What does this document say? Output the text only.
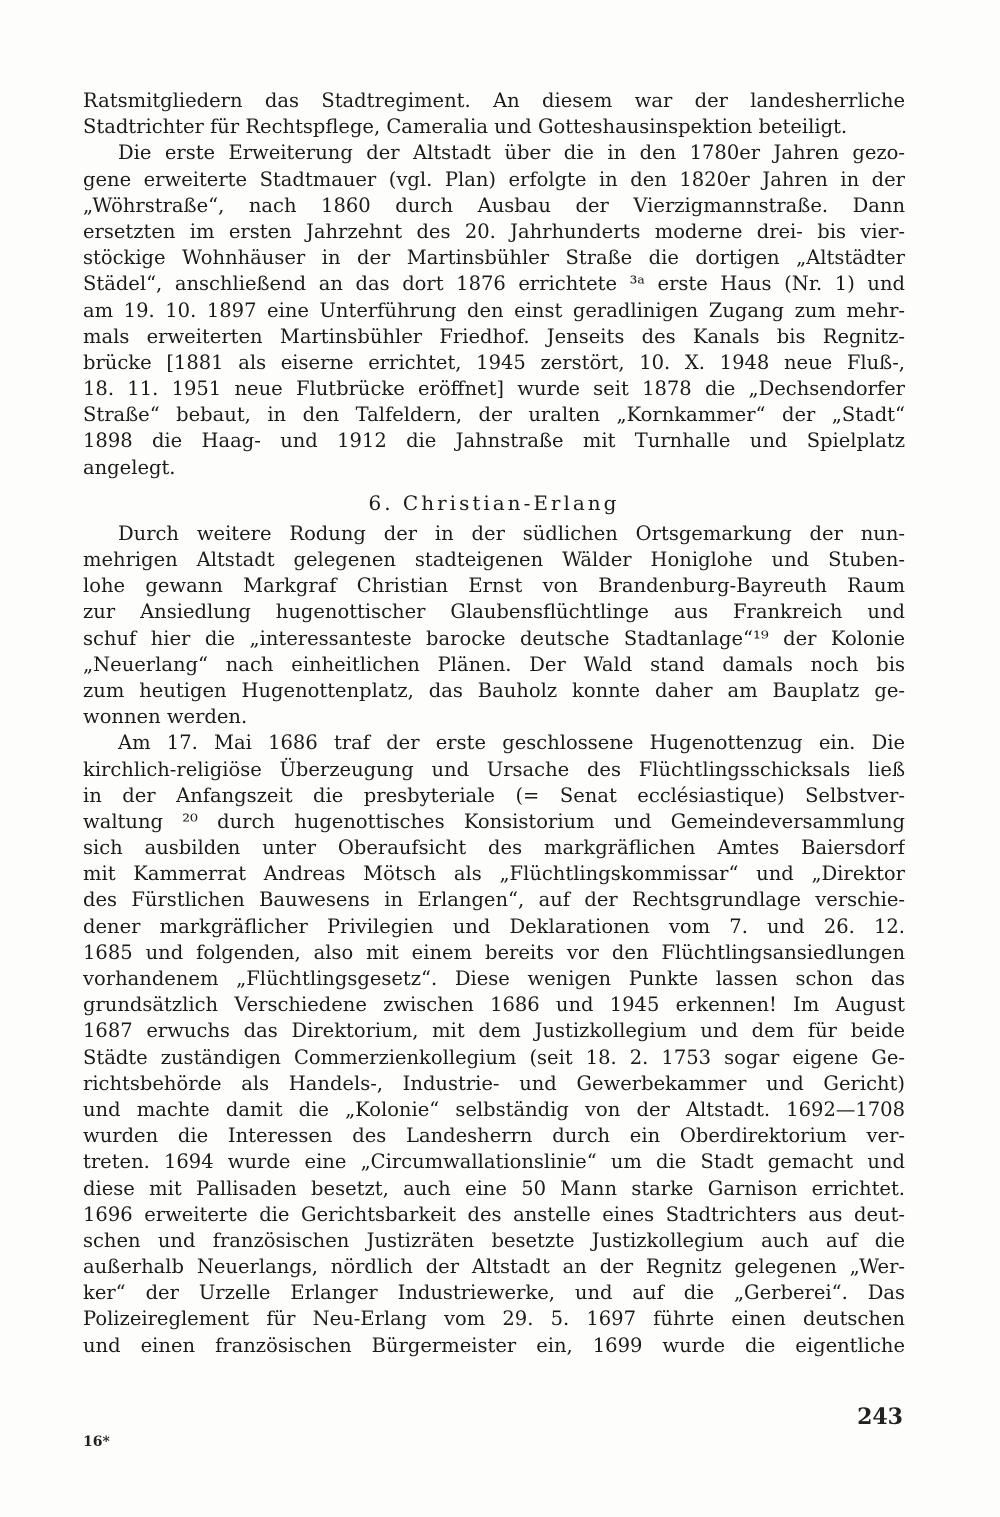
Ratsmitgliedern das Stadtregiment. An diesem war der landesherrliche
Stadtrichter für Rechtspflege, Cameralia und Gotteshausinspektion beteiligt.
Die erste Erweiterung der Altstadt über die in den 1780er Jahren gezo-
gene erweiterte Stadtmauer (vgl. Plan) erfolgte in den 1820er Jahren in der
„Wöhrstraße“, nach 1860 durch Ausbau der Vierzigmannstraße. Dann
ersetzten im ersten Jahrzehnt des 20. Jahrhunderts moderne drei- bis vier-
stöckige Wohnhäuser in der Martinsbühler Straße die dortigen „Altstädter
Städel“, anschließend an das dort 1876 errichtete ³ᵃ erste Haus (Nr. 1) und
am 19. 10. 1897 eine Unterführung den einst geradlinigen Zugang zum mehr-
mals erweiterten Martinsbühler Friedhof. Jenseits des Kanals bis Regnitz-
brücke [1881 als eiserne errichtet, 1945 zerstört, 10. X. 1948 neue Fluß-,
18. 11. 1951 neue Flutbrücke eröffnet] wurde seit 1878 die „Dechsendorfer
Straße“ bebaut, in den Talfeldern, der uralten „Kornkammer“ der „Stadt“
1898 die Haag- und 1912 die Jahnstraße mit Turnhalle und Spielplatz
angelegt.
6. Christian-Erlang
Durch weitere Rodung der in der südlichen Ortsgemarkung der nun-
mehrigen Altstadt gelegenen stadteigenen Wälder Honiglohe und Stuben-
lohe gewann Markgraf Christian Ernst von Brandenburg-Bayreuth Raum
zur Ansiedlung hugenottischer Glaubensflüchtlinge aus Frankreich und
schuf hier die „interessanteste barocke deutsche Stadtanlage“¹⁹ der Kolonie
„Neuerlang“ nach einheitlichen Plänen. Der Wald stand damals noch bis
zum heutigen Hugenottenplatz, das Bauholz konnte daher am Bauplatz ge-
wonnen werden.
Am 17. Mai 1686 traf der erste geschlossene Hugenottenzug ein. Die
kirchlich-religiöse Überzeugung und Ursache des Flüchtlingsschicksals ließ
in der Anfangszeit die presbyteriale (= Senat ecclésiastique) Selbstver-
waltung ²⁰ durch hugenottisches Konsistorium und Gemeindeversammlung
sich ausbilden unter Oberaufsicht des markgräflichen Amtes Baiersdorf
mit Kammerrat Andreas Mötsch als „Flüchtlingskommissar“ und „Direktor
des Fürstlichen Bauwesens in Erlangen“, auf der Rechtsgrundlage verschie-
dener markgräflicher Privilegien und Deklarationen vom 7. und 26. 12.
1685 und folgenden, also mit einem bereits vor den Flüchtlingsansiedlungen
vorhandenem „Flüchtlingsgesetz“. Diese wenigen Punkte lassen schon das
grundsätzlich Verschiedene zwischen 1686 und 1945 erkennen! Im August
1687 erwuchs das Direktorium, mit dem Justizkollegium und dem für beide
Städte zuständigen Commerzienkollegium (seit 18. 2. 1753 sogar eigene Ge-
richtsbehörde als Handels-, Industrie- und Gewerbekammer und Gericht)
und machte damit die „Kolonie“ selbständig von der Altstadt. 1692—1708
wurden die Interessen des Landesherrn durch ein Oberdirektorium ver-
treten. 1694 wurde eine „Circumwallationslinie“ um die Stadt gemacht und
diese mit Pallisaden besetzt, auch eine 50 Mann starke Garnison errichtet.
1696 erweiterte die Gerichtsbarkeit des anstelle eines Stadtrichters aus deut-
schen und französischen Justizräten besetzte Justizkollegium auch auf die
außerhalb Neuerlangs, nördlich der Altstadt an der Regnitz gelegenen „Wer-
ker“ der Urzelle Erlanger Industriewerke, und auf die „Gerberei“. Das
Polizeireglement für Neu-Erlang vom 29. 5. 1697 führte einen deutschen
und einen französischen Bürgermeister ein, 1699 wurde die eigentliche
16*
243
